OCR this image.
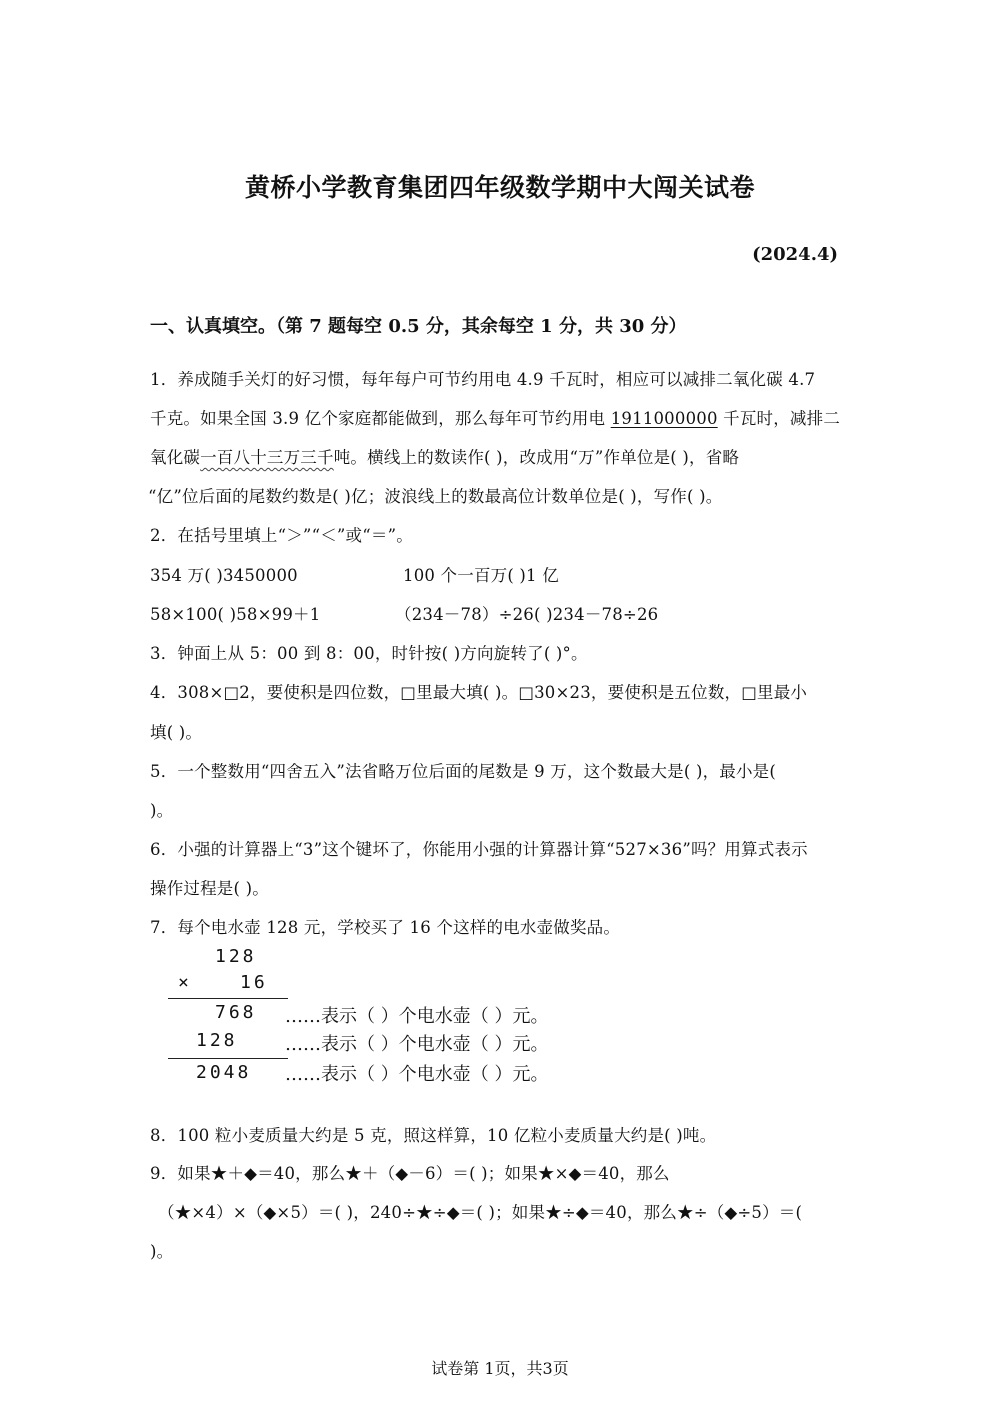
黄桥小学教育集团四年级数学期中大闯关试卷
(2024.4)
一、认真填空。（第 7 题每空 0.5 分，其余每空 1 分，共 30 分）
1．养成随手关灯的好习惯，每年每户可节约用电 4.9 千瓦时，相应可以减排二氧化碳 4.7
千克。如果全国 3.9 亿个家庭都能做到，那么每年可节约用电 1911000000 千瓦时，减排二
氧化碳一百八十三万三千吨。横线上的数读作( )，改成用“万”作单位是( )，省略
“亿”位后面的尾数约数是( )亿；波浪线上的数最高位计数单位是( )，写作( )。
2．在括号里填上“＞”“＜”或“＝”。
354 万( )3450000	100 个一百万( )1 亿
58×100( )58×99＋1	（234－78）÷26( )234－78÷26
3．钟面上从 5：00 到 8：00，时针按( )方向旋转了( )°。
4．308×□2，要使积是四位数，□里最大填( )。□30×23，要使积是五位数，□里最小
填( )。
5．一个整数用“四舍五入”法省略万位后面的尾数是 9 万，这个数最大是( )，最小是(
)。
6．小强的计算器上“3”这个键坏了，你能用小强的计算器计算“527×36”吗？用算式表示
操作过程是( )。
7．每个电水壶 128 元，学校买了 16 个这样的电水壶做奖品。
128
×	16
768 ……表示（ ）个电水壶（ ）元。
128	……表示（ ）个电水壶（ ）元。
2048 ……表示（ ）个电水壶（ ）元。
8．100 粒小麦质量大约是 5 克，照这样算，10 亿粒小麦质量大约是( )吨。
9．如果★＋◆＝40，那么★＋（◆－6）＝( )；如果★×◆＝40，那么
（★×4）×（◆×5）＝( )，240÷★÷◆＝( )；如果★÷◆＝40，那么★÷（◆÷5）＝(
)。
试卷第 1页，共3页
